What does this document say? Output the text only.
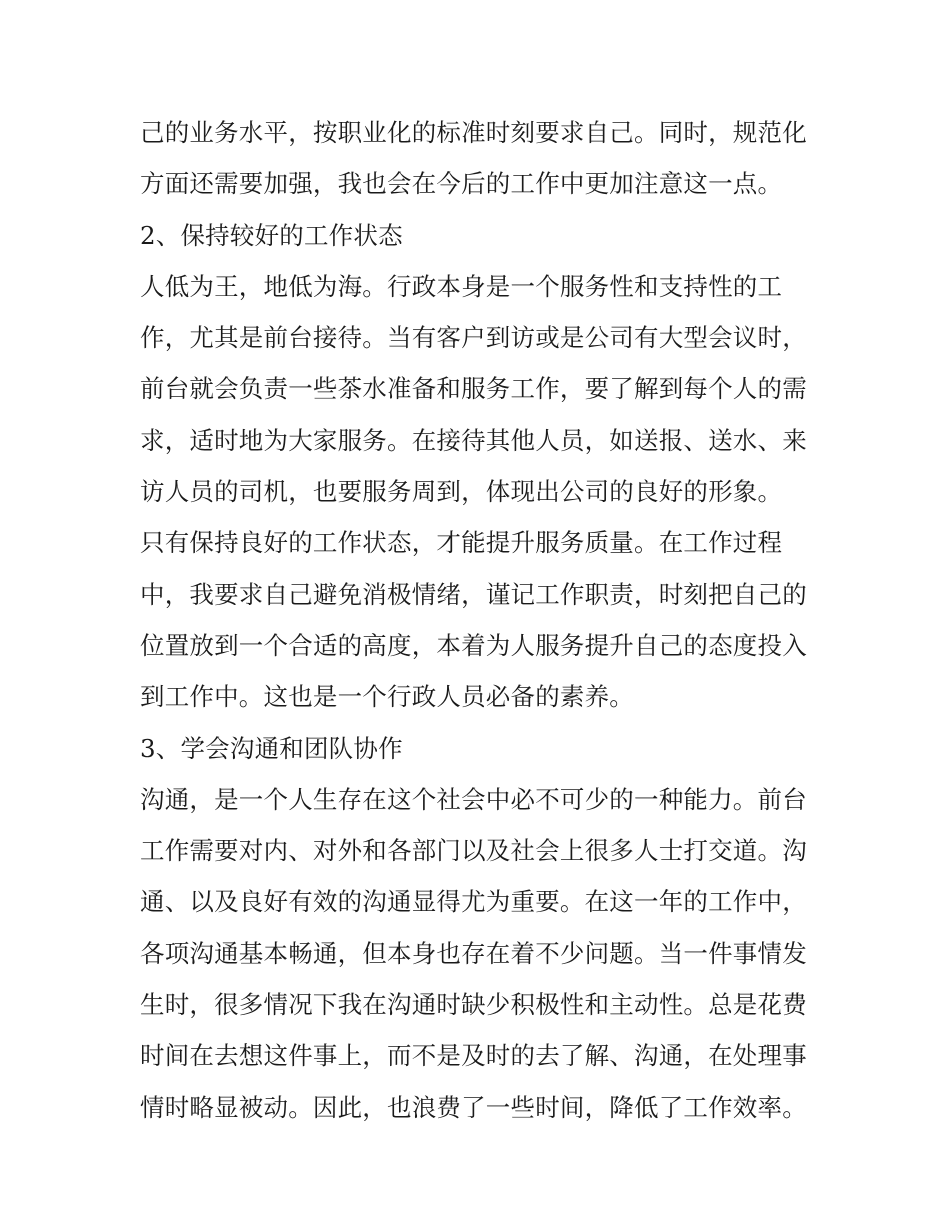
己的业务水平，按职业化的标准时刻要求自己。同时，规范化
方面还需要加强，我也会在今后的工作中更加注意这一点。
2、保持较好的工作状态
人低为王，地低为海。行政本身是一个服务性和支持性的工
作，尤其是前台接待。当有客户到访或是公司有大型会议时，
前台就会负责一些茶水准备和服务工作，要了解到每个人的需
求，适时地为大家服务。在接待其他人员，如送报、送水、来
访人员的司机，也要服务周到，体现出公司的良好的形象。
只有保持良好的工作状态，才能提升服务质量。在工作过程
中，我要求自己避免消极情绪，谨记工作职责，时刻把自己的
位置放到一个合适的高度，本着为人服务提升自己的态度投入
到工作中。这也是一个行政人员必备的素养。
3、学会沟通和团队协作
沟通，是一个人生存在这个社会中必不可少的一种能力。前台
工作需要对内、对外和各部门以及社会上很多人士打交道。沟
通、以及良好有效的沟通显得尤为重要。在这一年的工作中，
各项沟通基本畅通，但本身也存在着不少问题。当一件事情发
生时，很多情况下我在沟通时缺少积极性和主动性。总是花费
时间在去想这件事上，而不是及时的去了解、沟通，在处理事
情时略显被动。因此，也浪费了一些时间，降低了工作效率。
